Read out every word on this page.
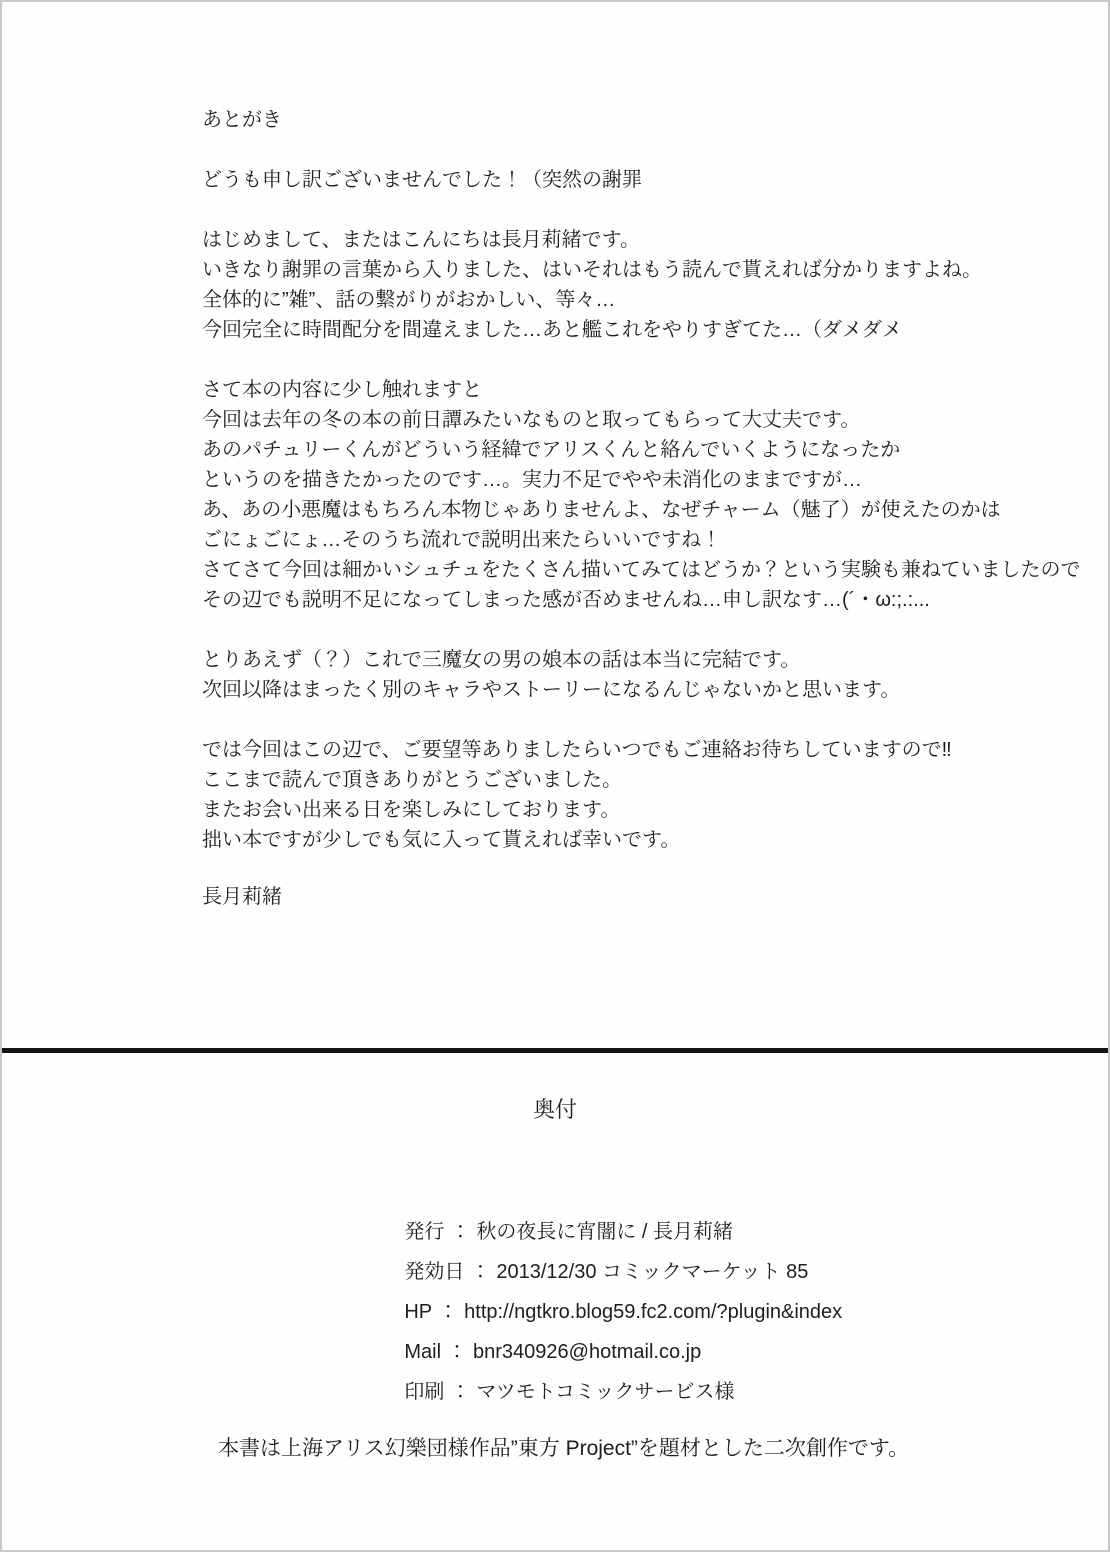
あとがき
どうも申し訳ございませんでした！（突然の謝罪

はじめまして、またはこんにちは長月莉緒です。
いきなり謝罪の言葉から入りました、はいそれはもう読んで貰えれば分かりますよね。
全体的に”雑”、話の繋がりがおかしい、等々…
今回完全に時間配分を間違えました…あと艦これをやりすぎてた…（ダメダメ

さて本の内容に少し触れますと
今回は去年の冬の本の前日譚みたいなものと取ってもらって大丈夫です。
あのパチュリーくんがどういう経緯でアリスくんと絡んでいくようになったか
というのを描きたかったのです…。実力不足でやや未消化のままですが…
あ、あの小悪魔はもちろん本物じゃありませんよ、なぜチャーム（魅了）が使えたのかは
ごにょごにょ…そのうち流れで説明出来たらいいですね！
さてさて今回は細かいシュチュをたくさん描いてみてはどうか？という実験も兼ねていましたので
その辺でも説明不足になってしまった感が否めませんね…申し訳なす…(´・ω:;.:...

とりあえず（？）これで三魔女の男の娘本の話は本当に完結です。
次回以降はまったく別のキャラやストーリーになるんじゃないかと思います。

では今回はこの辺で、ご要望等ありましたらいつでもご連絡お待ちしていますので‼
ここまで読んで頂きありがとうございました。
またお会い出来る日を楽しみにしております。
拙い本ですが少しでも気に入って貰えれば幸いです。
長月莉緒
奥付

発行 ： 秋の夜長に宵闇に / 長月莉緒

発効日 ： 2013/12/30 コミックマーケット 85

HP ： http://ngtkro.blog59.fc2.com/?plugin&index

Mail ： bnr340926@hotmail.co.jp

印刷 ： マツモトコミックサービス様

本書は上海アリス幻樂団様作品”東方 Project”を題材とした二次創作です。
